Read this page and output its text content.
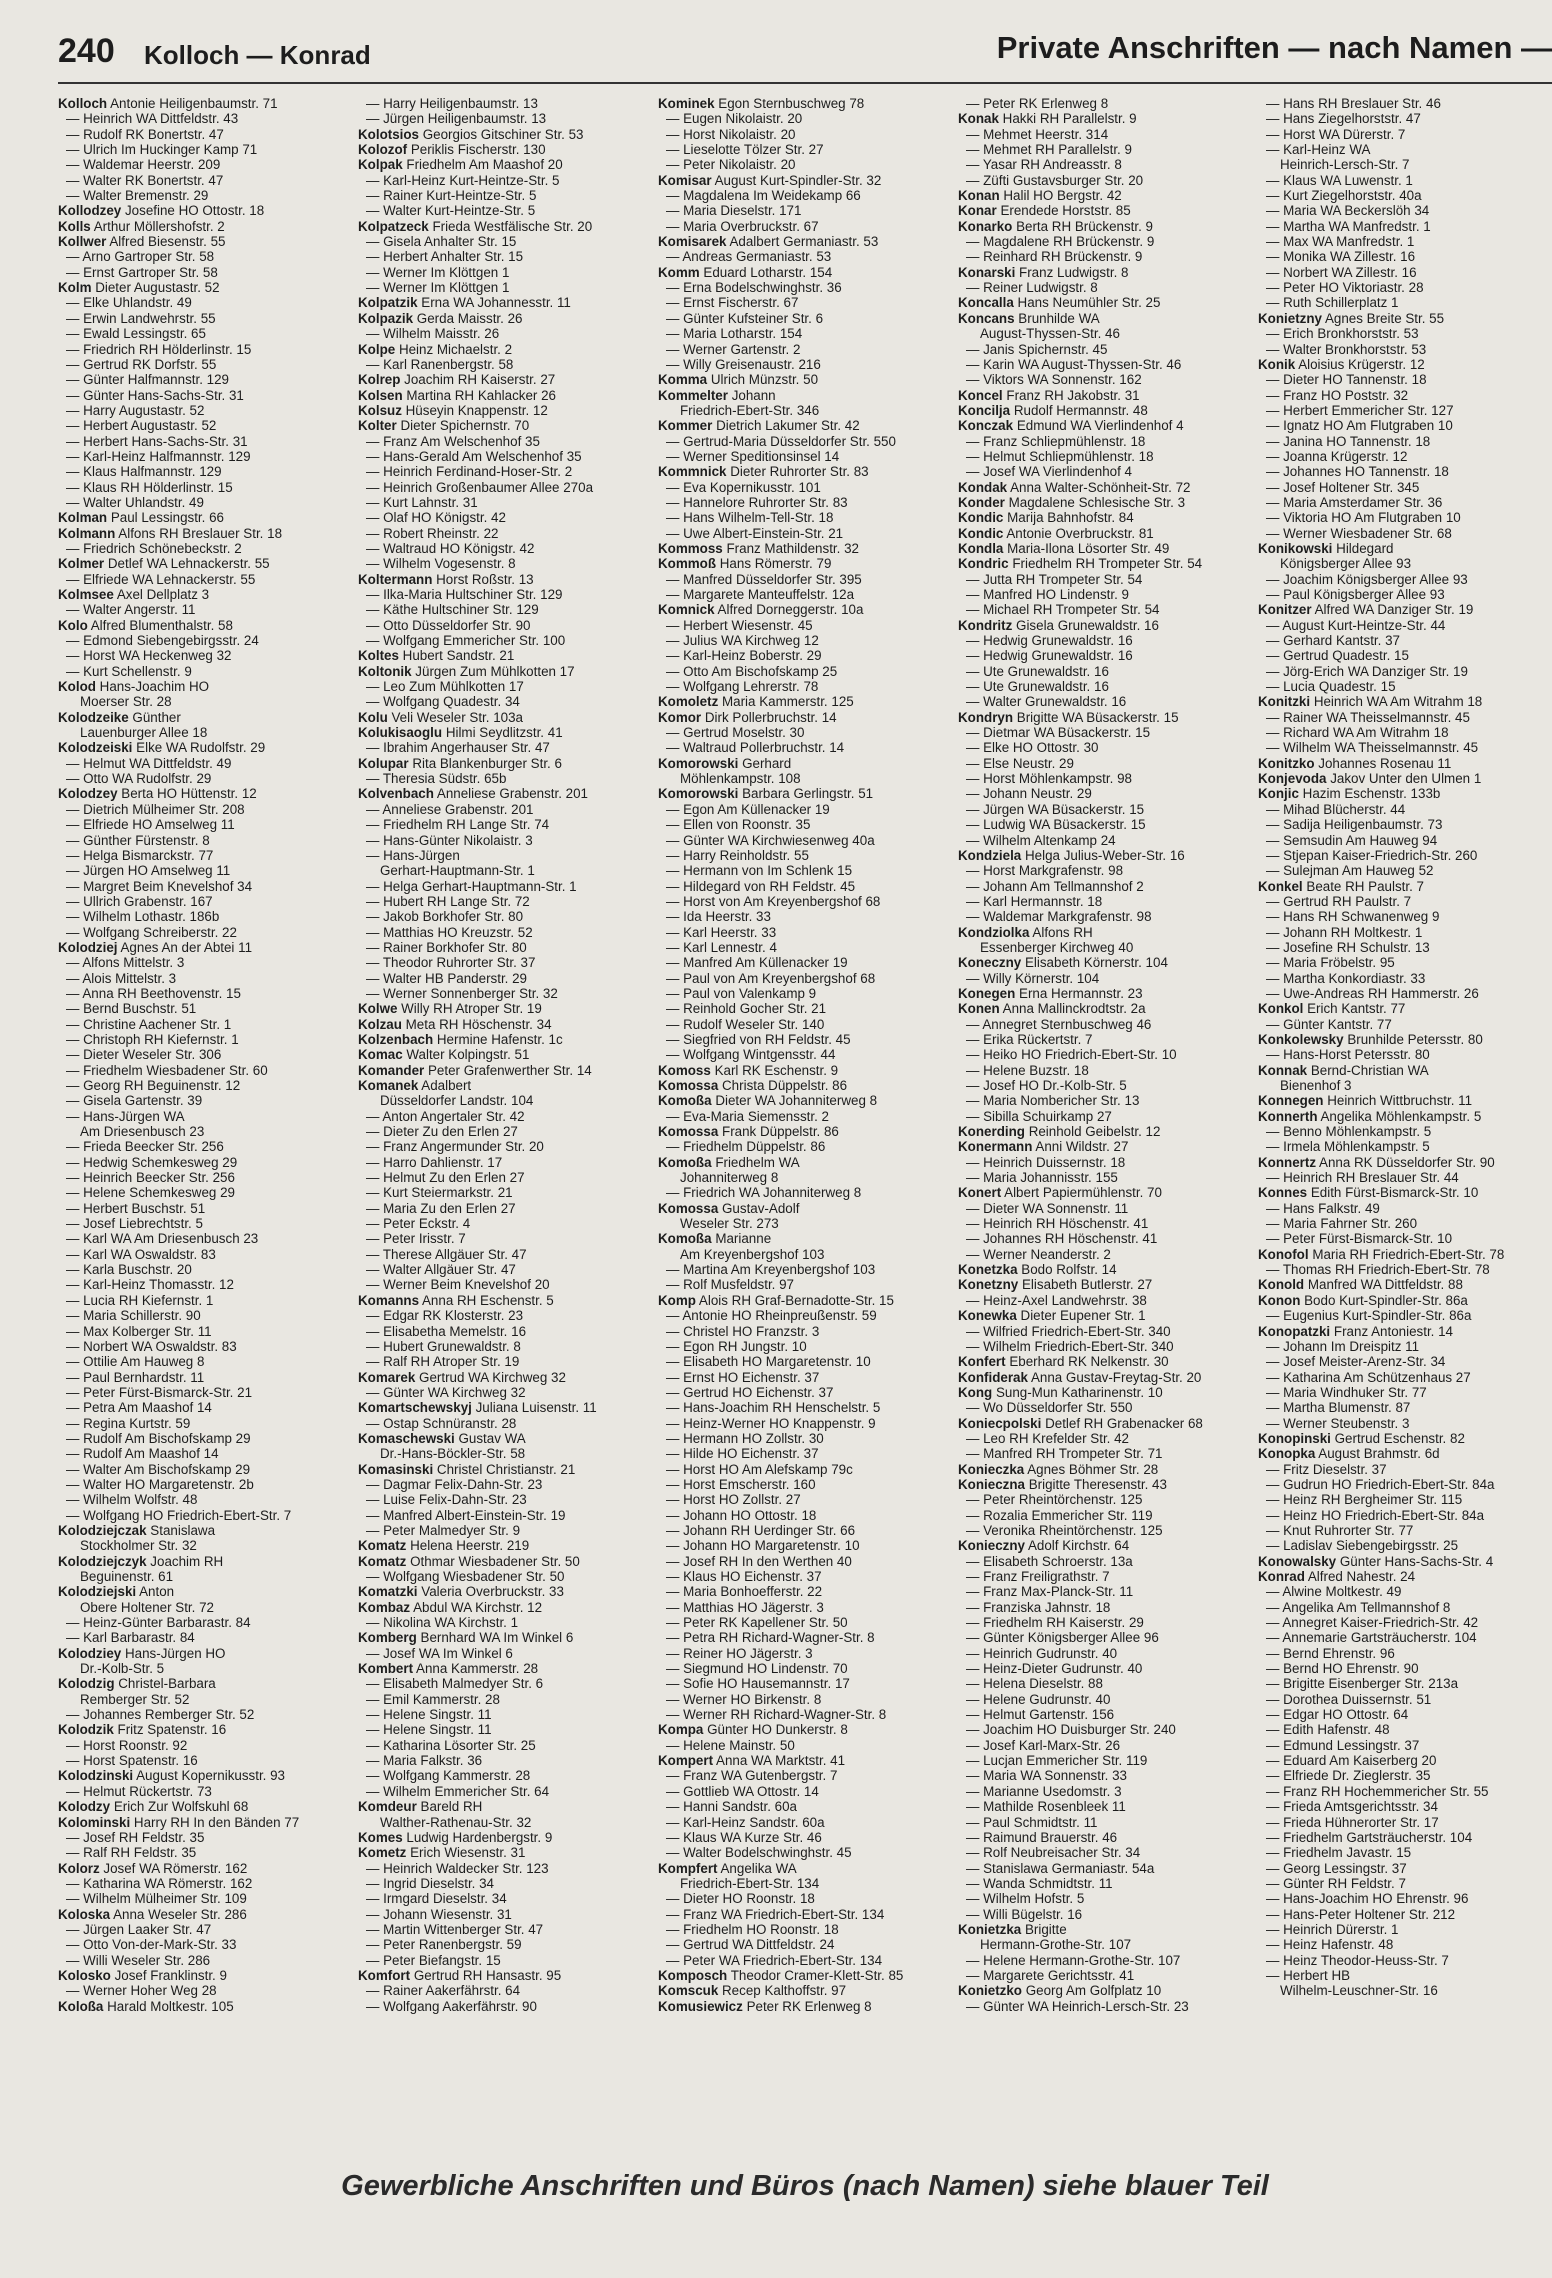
240 Kolloch — Konrad	Private Anschriften — nach Namen —
Kolloch Antonie Heiligenbaumstr. 71
— Heinrich WA Dittfeldstr. 43
— Rudolf RK Bonertstr. 47
— Ulrich Im Huckinger Kamp 71
— Waldemar Heerstr. 209
— Walter RK Bonertstr. 47
— Walter Bremenstr. 29
Kollodzey Josefine HO Ottostr. 18
Kolls Arthur Möllershofstr. 2
Kollwer Alfred Biesenstr. 55
— Arno Gartroper Str. 58
— Ernst Gartroper Str. 58
Kolm Dieter Augustastr. 52
— Elke Uhlandstr. 49
— Erwin Landwehrstr. 55
— Ewald Lessingstr. 65
— Friedrich RH Hölderlinstr. 15
— Gertrud RK Dorfstr. 55
— Günter Halfmannstr. 129
— Günter Hans-Sachs-Str. 31
— Harry Augustastr. 52
— Herbert Augustastr. 52
— Herbert Hans-Sachs-Str. 31
— Karl-Heinz Halfmannstr. 129
— Klaus Halfmannstr. 129
— Klaus RH Hölderlinstr. 15
— Walter Uhlandstr. 49
Kolman Paul Lessingstr. 66
Kolmann Alfons RH Breslauer Str. 18
— Friedrich Schönebeckstr. 2
Kolmer Detlef WA Lehnackerstr. 55
— Elfriede WA Lehnackerstr. 55
Kolmsee Axel Dellplatz 3
— Walter Angerstr. 11
Kolo Alfred Blumenthalstr. 58
— Edmond Siebengebirgsstr. 24
— Horst WA Heckenweg 32
— Kurt Schellenstr. 9
Kolod Hans-Joachim HO
Moerser Str. 28
Kolodzeike Günther
Lauenburger Allee 18
Kolodzeiski Elke WA Rudolfstr. 29
— Helmut WA Dittfeldstr. 49
— Otto WA Rudolfstr. 29
Kolodzey Berta HO Hüttenstr. 12
— Dietrich Mülheimer Str. 208
— Elfriede HO Amselweg 11
— Günther Fürstenstr. 8
— Helga Bismarckstr. 77
— Jürgen HO Amselweg 11
— Margret Beim Knevelshof 34
— Ullrich Grabenstr. 167
— Wilhelm Lothastr. 186b
— Wolfgang Schreiberstr. 22
Kolodziej Agnes An der Abtei 11
— Alfons Mittelstr. 3
— Alois Mittelstr. 3
— Anna RH Beethovenstr. 15
— Bernd Buschstr. 51
— Christine Aachener Str. 1
— Christoph RH Kiefernstr. 1
— Dieter Weseler Str. 306
— Friedhelm Wiesbadener Str. 60
— Georg RH Beguinenstr. 12
— Gisela Gartenstr. 39
— Hans-Jürgen WA
Am Driesenbusch 23
— Frieda Beecker Str. 256
— Hedwig Schemkesweg 29
— Heinrich Beecker Str. 256
— Helene Schemkesweg 29
— Herbert Buschstr. 51
— Josef Liebrechtstr. 5
— Karl WA Am Driesenbusch 23
— Karl WA Oswaldstr. 83
— Karla Buschstr. 20
— Karl-Heinz Thomasstr. 12
— Lucia RH Kiefernstr. 1
— Maria Schillerstr. 90
— Max Kolberger Str. 11
— Norbert WA Oswaldstr. 83
— Ottilie Am Hauweg 8
— Paul Bernhardstr. 11
— Peter Fürst-Bismarck-Str. 21
— Petra Am Maashof 14
— Regina Kurtstr. 59
— Rudolf Am Bischofskamp 29
— Rudolf Am Maashof 14
— Walter Am Bischofskamp 29
— Walter HO Margaretenstr. 2b
— Wilhelm Wolfstr. 48
— Wolfgang HO Friedrich-Ebert-Str. 7
Kolodziejczak Stanislawa
Stockholmer Str. 32
Kolodziejczyk Joachim RH
Beguinenstr. 61
Kolodziejski Anton
Obere Holtener Str. 72
— Heinz-Günter Barbarastr. 84
— Karl Barbarastr. 84
Kolodziey Hans-Jürgen HO
Dr.-Kolb-Str. 5
Kolodzig Christel-Barbara
Remberger Str. 52
— Johannes Remberger Str. 52
Kolodzik Fritz Spatenstr. 16
— Horst Roonstr. 92
— Horst Spatenstr. 16
Kolodzinski August Kopernikusstr. 93
— Helmut Rückertstr. 73
Kolodzy Erich Zur Wolfskuhl 68
Kolominski Harry RH In den Bänden 77
— Josef RH Feldstr. 35
— Ralf RH Feldstr. 35
Kolorz Josef WA Römerstr. 162
— Katharina WA Römerstr. 162
— Wilhelm Mülheimer Str. 109
Koloska Anna Weseler Str. 286
— Jürgen Laaker Str. 47
— Otto Von-der-Mark-Str. 33
— Willi Weseler Str. 286
Kolosko Josef Franklinstr. 9
— Werner Hoher Weg 28
Koloßa Harald Moltkestr. 105
— Harry Heiligenbaumstr. 13
— Jürgen Heiligenbaumstr. 13
Kolotsios Georgios Gitschiner Str. 53
Kolozof Periklis Fischerstr. 130
Kolpak Friedhelm Am Maashof 20
— Karl-Heinz Kurt-Heintze-Str. 5
— Rainer Kurt-Heintze-Str. 5
— Walter Kurt-Heintze-Str. 5
Kolpatzeck Frieda Westfälische Str. 20
— Gisela Anhalter Str. 15
— Herbert Anhalter Str. 15
— Werner Im Klöttgen 1
— Werner Im Klöttgen 1
Kolpatzik Erna WA Johannesstr. 11
Kolpazik Gerda Maisstr. 26
— Wilhelm Maisstr. 26
Kolpe Heinz Michaelstr. 2
— Karl Ranenbergstr. 58
Kolrep Joachim RH Kaiserstr. 27
Kolsen Martina RH Kahlacker 26
Kolsuz Hüseyin Knappenstr. 12
Kolter Dieter Spichernstr. 70
— Franz Am Welschenhof 35
— Hans-Gerald Am Welschenhof 35
— Heinrich Ferdinand-Hoser-Str. 2
— Heinrich Großenbaumer Allee 270a
— Kurt Lahnstr. 31
— Olaf HO Königstr. 42
— Robert Rheinstr. 22
— Waltraud HO Königstr. 42
— Wilhelm Vogesenstr. 8
Koltermann Horst Roßstr. 13
— Ilka-Maria Hultschiner Str. 129
— Käthe Hultschiner Str. 129
— Otto Düsseldorfer Str. 90
— Wolfgang Emmericher Str. 100
Koltes Hubert Sandstr. 21
Koltonik Jürgen Zum Mühlkotten 17
— Leo Zum Mühlkotten 17
— Wolfgang Quadestr. 34
Kolu Veli Weseler Str. 103a
Kolukisaoglu Hilmi Seydlitzstr. 41
— Ibrahim Angerhauser Str. 47
Kolupar Rita Blankenburger Str. 6
— Theresia Südstr. 65b
Kolvenbach Anneliese Grabenstr. 201
— Anneliese Grabenstr. 201
— Friedhelm RH Lange Str. 74
— Hans-Günter Nikolaistr. 3
— Hans-Jürgen
Gerhart-Hauptmann-Str. 1
— Helga Gerhart-Hauptmann-Str. 1
— Hubert RH Lange Str. 72
— Jakob Borkhofer Str. 80
— Matthias HO Kreuzstr. 52
— Rainer Borkhofer Str. 80
— Theodor Ruhrorter Str. 37
— Walter HB Panderstr. 29
— Werner Sonnenberger Str. 32
Kolwe Willy RH Atroper Str. 19
Kolzau Meta RH Höschenstr. 34
Kolzenbach Hermine Hafenstr. 1c
Komac Walter Kolpingstr. 51
Komander Peter Grafenwerther Str. 14
Komanek Adalbert
Düsseldorfer Landstr. 104
— Anton Angertaler Str. 42
— Dieter Zu den Erlen 27
— Franz Angermunder Str. 20
— Harro Dahlienstr. 17
— Helmut Zu den Erlen 27
— Kurt Steiermarkstr. 21
— Maria Zu den Erlen 27
— Peter Eckstr. 4
— Peter Irisstr. 7
— Therese Allgäuer Str. 47
— Walter Allgäuer Str. 47
— Werner Beim Knevelshof 20
Komanns Anna RH Eschenstr. 5
— Edgar RK Klosterstr. 23
— Elisabetha Memelstr. 16
— Hubert Grunewaldstr. 8
— Ralf RH Atroper Str. 19
Komarek Gertrud WA Kirchweg 32
— Günter WA Kirchweg 32
Komartschewskyj Juliana Luisenstr. 11
— Ostap Schnüranstr. 28
Komaschewski Gustav WA
Dr.-Hans-Böckler-Str. 58
Komasinski Christel Christianstr. 21
— Dagmar Felix-Dahn-Str. 23
— Luise Felix-Dahn-Str. 23
— Manfred Albert-Einstein-Str. 19
— Peter Malmedyer Str. 9
Komatz Helena Heerstr. 219
Komatz Othmar Wiesbadener Str. 50
— Wolfgang Wiesbadener Str. 50
Komatzki Valeria Overbruckstr. 33
Kombaz Abdul WA Kirchstr. 12
— Nikolina WA Kirchstr. 1
Komberg Bernhard WA Im Winkel 6
— Josef WA Im Winkel 6
Kombert Anna Kammerstr. 28
— Elisabeth Malmedyer Str. 6
— Emil Kammerstr. 28
— Helene Singstr. 11
— Helene Singstr. 11
— Katharina Lösorter Str. 25
— Maria Falkstr. 36
— Wolfgang Kammerstr. 28
— Wilhelm Emmericher Str. 64
Komdeur Bareld RH
Walther-Rathenau-Str. 32
Komes Ludwig Hardenbergstr. 9
Kometz Erich Wiesenstr. 31
— Heinrich Waldecker Str. 123
— Ingrid Dieselstr. 34
— Irmgard Dieselstr. 34
— Johann Wiesenstr. 31
— Martin Wittenberger Str. 47
— Peter Ranenbergstr. 59
— Peter Biefangstr. 15
Komfort Gertrud RH Hansastr. 95
— Rainer Aakerfährstr. 64
— Wolfgang Aakerfährstr. 90
Kominek Egon Sternbuschweg 78
— Eugen Nikolaistr. 20
— Horst Nikolaistr. 20
— Lieselotte Tölzer Str. 27
— Peter Nikolaistr. 20
Komisar August Kurt-Spindler-Str. 32
— Magdalena Im Weidekamp 66
— Maria Dieselstr. 171
— Maria Overbruckstr. 67
Komisarek Adalbert Germaniastr. 53
— Andreas Germaniastr. 53
Komm Eduard Lotharstr. 154
— Erna Bodelschwinghstr. 36
— Ernst Fischerstr. 67
— Günter Kufsteiner Str. 6
— Maria Lotharstr. 154
— Werner Gartenstr. 2
— Willy Greisenaustr. 216
Komma Ulrich Münzstr. 50
Kommelter Johann
Friedrich-Ebert-Str. 346
Kommer Dietrich Lakumer Str. 42
— Gertrud-Maria Düsseldorfer Str. 550
— Werner Speditionsinsel 14
Kommnick Dieter Ruhrorter Str. 83
— Eva Kopernikusstr. 101
— Hannelore Ruhrorter Str. 83
— Hans Wilhelm-Tell-Str. 18
— Uwe Albert-Einstein-Str. 21
Kommoss Franz Mathildenstr. 32
Kommoß Hans Römerstr. 79
— Manfred Düsseldorfer Str. 395
— Margarete Manteuffelstr. 12a
Komnick Alfred Dorneggerstr. 10a
— Herbert Wiesenstr. 45
— Julius WA Kirchweg 12
— Karl-Heinz Boberstr. 29
— Otto Am Bischofskamp 25
— Wolfgang Lehrerstr. 78
Komoletz Maria Kammerstr. 125
Komor Dirk Pollerbruchstr. 14
— Gertrud Moselstr. 30
— Waltraud Pollerbruchstr. 14
Komorowski Gerhard
Möhlenkampstr. 108
Komorowski Barbara Gerlingstr. 51
— Egon Am Küllenacker 19
— Ellen von Roonstr. 35
— Günter WA Kirchwiesenweg 40a
— Harry Reinholdstr. 55
— Hermann von Im Schlenk 15
— Hildegard von RH Feldstr. 45
— Horst von Am Kreyenbergshof 68
— Ida Heerstr. 33
— Karl Heerstr. 33
— Karl Lennestr. 4
— Manfred Am Küllenacker 19
— Paul von Am Kreyenbergshof 68
— Paul von Valenkamp 9
— Reinhold Gocher Str. 21
— Rudolf Weseler Str. 140
— Siegfried von RH Feldstr. 45
— Wolfgang Wintgensstr. 44
Komoss Karl RK Eschenstr. 9
Komossa Christa Düppelstr. 86
Komoßa Dieter WA Johanniterweg 8
— Eva-Maria Siemensstr. 2
Komossa Frank Düppelstr. 86
— Friedhelm Düppelstr. 86
Komoßa Friedhelm WA
Johanniterweg 8
— Friedrich WA Johanniterweg 8
Komossa Gustav-Adolf
Weseler Str. 273
Komoßa Marianne
Am Kreyenbergshof 103
— Martina Am Kreyenbergshof 103
— Rolf Musfeldstr. 97
Komp Alois RH Graf-Bernadotte-Str. 15
— Antonie HO Rheinpreußenstr. 59
— Christel HO Franzstr. 3
— Egon RH Jungstr. 10
— Elisabeth HO Margaretenstr. 10
— Ernst HO Eichenstr. 37
— Gertrud HO Eichenstr. 37
— Hans-Joachim RH Henschelstr. 5
— Heinz-Werner HO Knappenstr. 9
— Hermann HO Zollstr. 30
— Hilde HO Eichenstr. 37
— Horst HO Am Alefskamp 79c
— Horst Emscherstr. 160
— Horst HO Zollstr. 27
— Johann HO Ottostr. 18
— Johann RH Uerdinger Str. 66
— Johann HO Margaretenstr. 10
— Josef RH In den Werthen 40
— Klaus HO Eichenstr. 37
— Maria Bonhoefferstr. 22
— Matthias HO Jägerstr. 3
— Peter RK Kapellener Str. 50
— Petra RH Richard-Wagner-Str. 8
— Reiner HO Jägerstr. 3
— Siegmund HO Lindenstr. 70
— Sofie HO Hausemannstr. 17
— Werner HO Birkenstr. 8
— Werner RH Richard-Wagner-Str. 8
Kompa Günter HO Dunkerstr. 8
— Helene Mainstr. 50
Kompert Anna WA Marktstr. 41
— Franz WA Gutenbergstr. 7
— Gottlieb WA Ottostr. 14
— Hanni Sandstr. 60a
— Karl-Heinz Sandstr. 60a
— Klaus WA Kurze Str. 46
— Walter Bodelschwinghstr. 45
Kompfert Angelika WA
Friedrich-Ebert-Str. 134
— Dieter HO Roonstr. 18
— Franz WA Friedrich-Ebert-Str. 134
— Friedhelm HO Roonstr. 18
— Gertrud WA Dittfeldstr. 24
— Peter WA Friedrich-Ebert-Str. 134
Komposch Theodor Cramer-Klett-Str. 85
Komscuk Recep Kalthoffstr. 97
Komusiewicz Peter RK Erlenweg 8
— Peter RK Erlenweg 8
Konak Hakki RH Parallelstr. 9
— Mehmet Heerstr. 314
— Mehmet RH Parallelstr. 9
— Yasar RH Andreasstr. 8
— Züfti Gustavsburger Str. 20
Konan Halil HO Bergstr. 42
Konar Erendede Horststr. 85
Konarko Berta RH Brückenstr. 9
— Magdalene RH Brückenstr. 9
— Reinhard RH Brückenstr. 9
Konarski Franz Ludwigstr. 8
— Reiner Ludwigstr. 8
Koncalla Hans Neumühler Str. 25
Koncans Brunhilde WA
August-Thyssen-Str. 46
— Janis Spichernstr. 45
— Karin WA August-Thyssen-Str. 46
— Viktors WA Sonnenstr. 162
Koncel Franz RH Jakobstr. 31
Koncilja Rudolf Hermannstr. 48
Konczak Edmund WA Vierlindenhof 4
— Franz Schliepmühlenstr. 18
— Helmut Schliepmühlenstr. 18
— Josef WA Vierlindenhof 4
Kondak Anna Walter-Schönheit-Str. 72
Konder Magdalene Schlesische Str. 3
Kondic Marija Bahnhofstr. 84
Kondic Antonie Overbruckstr. 81
Kondla Maria-Ilona Lösorter Str. 49
Kondric Friedhelm RH Trompeter Str. 54
— Jutta RH Trompeter Str. 54
— Manfred HO Lindenstr. 9
— Michael RH Trompeter Str. 54
Kondritz Gisela Grunewaldstr. 16
— Hedwig Grunewaldstr. 16
— Hedwig Grunewaldstr. 16
— Ute Grunewaldstr. 16
— Ute Grunewaldstr. 16
— Walter Grunewaldstr. 16
Kondryn Brigitte WA Büsackerstr. 15
— Dietmar WA Büsackerstr. 15
— Elke HO Ottostr. 30
— Else Neustr. 29
— Horst Möhlenkampstr. 98
— Johann Neustr. 29
— Jürgen WA Büsackerstr. 15
— Ludwig WA Büsackerstr. 15
— Wilhelm Altenkamp 24
Kondziela Helga Julius-Weber-Str. 16
— Horst Markgrafenstr. 98
— Johann Am Tellmannshof 2
— Karl Hermannstr. 18
— Waldemar Markgrafenstr. 98
Kondziolka Alfons RH
Essenberger Kirchweg 40
Koneczny Elisabeth Körnerstr. 104
— Willy Körnerstr. 104
Konegen Erna Hermannstr. 23
Konen Anna Mallinckrodtstr. 2a
— Annegret Sternbuschweg 46
— Erika Rückertstr. 7
— Heiko HO Friedrich-Ebert-Str. 10
— Helene Buzstr. 18
— Josef HO Dr.-Kolb-Str. 5
— Maria Nombericher Str. 13
— Sibilla Schuirkamp 27
Konerding Reinhold Geibelstr. 12
Konermann Anni Wildstr. 27
— Heinrich Duissernstr. 18
— Maria Johannisstr. 155
Konert Albert Papiermühlenstr. 70
— Dieter WA Sonnenstr. 11
— Heinrich RH Höschenstr. 41
— Johannes RH Höschenstr. 41
— Werner Neanderstr. 2
Konetzka Bodo Rolfstr. 14
Konetzny Elisabeth Butlerstr. 27
— Heinz-Axel Landwehrstr. 38
Konewka Dieter Eupener Str. 1
— Wilfried Friedrich-Ebert-Str. 340
— Wilhelm Friedrich-Ebert-Str. 340
Konfert Eberhard RK Nelkenstr. 30
Konfiderak Anna Gustav-Freytag-Str. 20
Kong Sung-Mun Katharinenstr. 10
— Wo Düsseldorfer Str. 550
Koniecpolski Detlef RH Grabenacker 68
— Leo RH Krefelder Str. 42
— Manfred RH Trompeter Str. 71
Konieczka Agnes Böhmer Str. 28
Konieczna Brigitte Theresenstr. 43
— Peter Rheintörchenstr. 125
— Rozalia Emmericher Str. 119
— Veronika Rheintörchenstr. 125
Konieczny Adolf Kirchstr. 64
— Elisabeth Schroerstr. 13a
— Franz Freiligrathstr. 7
— Franz Max-Planck-Str. 11
— Franziska Jahnstr. 18
— Friedhelm RH Kaiserstr. 29
— Günter Königsberger Allee 96
— Heinrich Gudrunstr. 40
— Heinz-Dieter Gudrunstr. 40
— Helena Dieselstr. 88
— Helene Gudrunstr. 40
— Helmut Gartenstr. 156
— Joachim HO Duisburger Str. 240
— Josef Karl-Marx-Str. 26
— Lucjan Emmericher Str. 119
— Maria WA Sonnenstr. 33
— Marianne Usedomstr. 3
— Mathilde Rosenbleek 11
— Paul Schmidtstr. 11
— Raimund Brauerstr. 46
— Rolf Neubreisacher Str. 34
— Stanislawa Germaniastr. 54a
— Wanda Schmidtstr. 11
— Wilhelm Hofstr. 5
— Willi Bügelstr. 16
Konietzka Brigitte
Hermann-Grothe-Str. 107
— Helene Hermann-Grothe-Str. 107
— Margarete Gerichtsstr. 41
Konietzko Georg Am Golfplatz 10
— Günter WA Heinrich-Lersch-Str. 23
— Hans RH Breslauer Str. 46
— Hans Ziegelhorststr. 47
— Horst WA Dürerstr. 7
— Karl-Heinz WA
Heinrich-Lersch-Str. 7
— Klaus WA Luwenstr. 1
— Kurt Ziegelhorststr. 40a
— Maria WA Beckerslöh 34
— Martha WA Manfredstr. 1
— Max WA Manfredstr. 1
— Monika WA Zillestr. 16
— Norbert WA Zillestr. 16
— Peter HO Viktoriastr. 28
— Ruth Schillerplatz 1
Konietzny Agnes Breite Str. 55
— Erich Bronkhorststr. 53
— Walter Bronkhorststr. 53
Konik Aloisius Krügerstr. 12
— Dieter HO Tannenstr. 18
— Franz HO Poststr. 32
— Herbert Emmericher Str. 127
— Ignatz HO Am Flutgraben 10
— Janina HO Tannenstr. 18
— Joanna Krügerstr. 12
— Johannes HO Tannenstr. 18
— Josef Holtener Str. 345
— Maria Amsterdamer Str. 36
— Viktoria HO Am Flutgraben 10
— Werner Wiesbadener Str. 68
Konikowski Hildegard
Königsberger Allee 93
— Joachim Königsberger Allee 93
— Paul Königsberger Allee 93
Konitzer Alfred WA Danziger Str. 19
— August Kurt-Heintze-Str. 44
— Gerhard Kantstr. 37
— Gertrud Quadestr. 15
— Jörg-Erich WA Danziger Str. 19
— Lucia Quadestr. 15
Konitzki Heinrich WA Am Witrahm 18
— Rainer WA Theisselmannstr. 45
— Richard WA Am Witrahm 18
— Wilhelm WA Theisselmannstr. 45
Konitzko Johannes Rosenau 11
Konjevoda Jakov Unter den Ulmen 1
Konjic Hazim Eschenstr. 133b
— Mihad Blücherstr. 44
— Sadija Heiligenbaumstr. 73
— Semsudin Am Hauweg 94
— Stjepan Kaiser-Friedrich-Str. 260
— Sulejman Am Hauweg 52
Konkel Beate RH Paulstr. 7
— Gertrud RH Paulstr. 7
— Hans RH Schwanenweg 9
— Johann RH Moltkestr. 1
— Josefine RH Schulstr. 13
— Maria Fröbelstr. 95
— Martha Konkordiastr. 33
— Uwe-Andreas RH Hammerstr. 26
Konkol Erich Kantstr. 77
— Günter Kantstr. 77
Konkolewsky Brunhilde Petersstr. 80
— Hans-Horst Petersstr. 80
Konnak Bernd-Christian WA
Bienenhof 3
Konnegen Heinrich Wittbruchstr. 11
Konnerth Angelika Möhlenkampstr. 5
— Benno Möhlenkampstr. 5
— Irmela Möhlenkampstr. 5
Konnertz Anna RK Düsseldorfer Str. 90
— Heinrich RH Breslauer Str. 44
Konnes Edith Fürst-Bismarck-Str. 10
— Hans Falkstr. 49
— Maria Fahrner Str. 260
— Peter Fürst-Bismarck-Str. 10
Konofol Maria RH Friedrich-Ebert-Str. 78
— Thomas RH Friedrich-Ebert-Str. 78
Konold Manfred WA Dittfeldstr. 88
Konon Bodo Kurt-Spindler-Str. 86a
— Eugenius Kurt-Spindler-Str. 86a
Konopatzki Franz Antoniestr. 14
— Johann Im Dreispitz 11
— Josef Meister-Arenz-Str. 34
— Katharina Am Schützenhaus 27
— Maria Windhuker Str. 77
— Martha Blumenstr. 87
— Werner Steubenstr. 3
Konopinski Gertrud Eschenstr. 82
Konopka August Brahmstr. 6d
— Fritz Dieselstr. 37
— Gudrun HO Friedrich-Ebert-Str. 84a
— Heinz RH Bergheimer Str. 115
— Heinz HO Friedrich-Ebert-Str. 84a
— Knut Ruhrorter Str. 77
— Ladislav Siebengebirgsstr. 25
Konowalsky Günter Hans-Sachs-Str. 4
Konrad Alfred Nahestr. 24
— Alwine Moltkestr. 49
— Angelika Am Tellmannshof 8
— Annegret Kaiser-Friedrich-Str. 42
— Annemarie Gartsträucherstr. 104
— Bernd Ehrenstr. 96
— Bernd HO Ehrenstr. 90
— Brigitte Eisenberger Str. 213a
— Dorothea Duissernstr. 51
— Edgar HO Ottostr. 64
— Edith Hafenstr. 48
— Edmund Lessingstr. 37
— Eduard Am Kaiserberg 20
— Elfriede Dr. Zieglerstr. 35
— Franz RH Hochemmericher Str. 55
— Frieda Amtsgerichtsstr. 34
— Frieda Hühnerorter Str. 17
— Friedhelm Gartsträucherstr. 104
— Friedhelm Javastr. 15
— Georg Lessingstr. 37
— Günter RH Feldstr. 7
— Hans-Joachim HO Ehrenstr. 96
— Hans-Peter Holtener Str. 212
— Heinrich Dürerstr. 1
— Heinz Hafenstr. 48
— Heinz Theodor-Heuss-Str. 7
— Herbert HB
Wilhelm-Leuschner-Str. 16
Gewerbliche Anschriften und Büros (nach Namen) siehe blauer Teil
